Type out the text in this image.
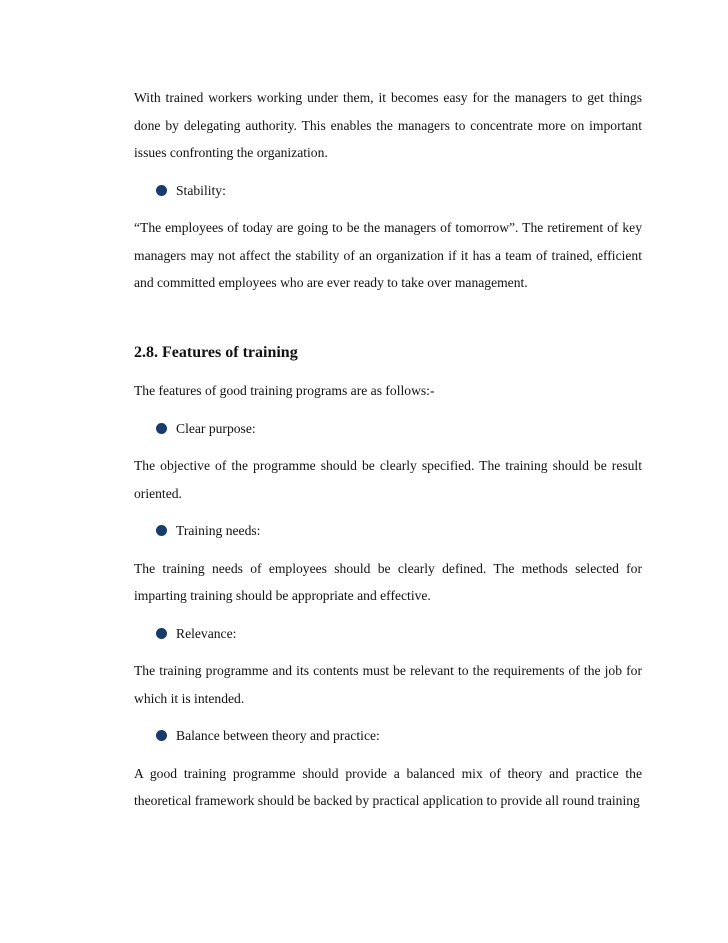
With trained workers working under them, it becomes easy for the managers to get things done by delegating authority. This enables the managers to concentrate more on important issues confronting the organization.

Stability:

“The employees of today are going to be the managers of tomorrow”. The retirement of key managers may not affect the stability of an organization if it has a team of trained, efficient and committed employees who are ever ready to take over management.

2.8. Features of training

The features of good training programs are as follows:-

Clear purpose:

The objective of the programme should be clearly specified. The training should be result oriented.

Training needs:

The training needs of employees should be clearly defined. The methods selected for imparting training should be appropriate and effective.

Relevance:

The training programme and its contents must be relevant to the requirements of the job for which it is intended.

Balance between theory and practice:

A good training programme should provide a balanced mix of theory and practice the theoretical framework should be backed by practical application to provide all round training
